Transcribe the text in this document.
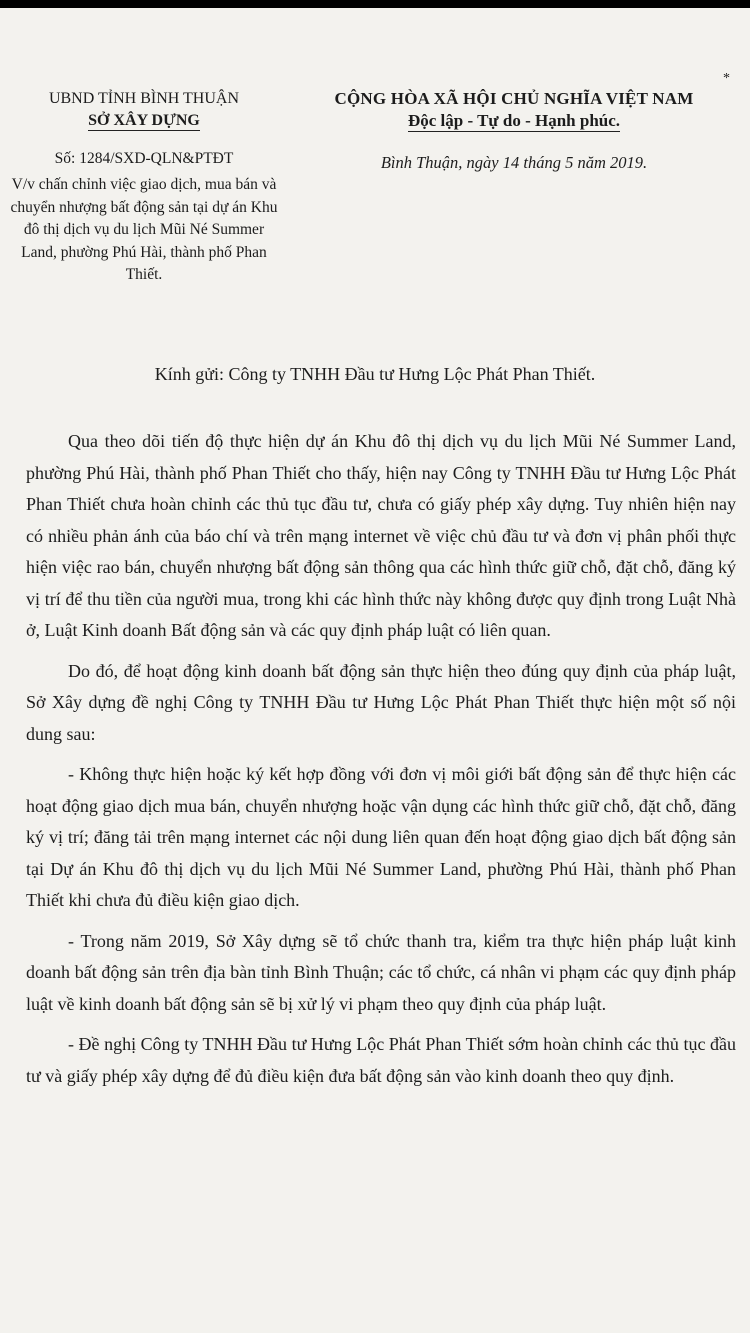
UBND TỈNH BÌNH THUẬN

SỞ XÂY DỰNG

Số: 1284/SXD-QLN&PTĐT

V/v chấn chỉnh việc giao dịch, mua bán và chuyển nhượng bất động sản tại dự án Khu đô thị dịch vụ du lịch Mũi Né Summer Land, phường Phú Hài, thành phố Phan Thiết.

CỘNG HÒA XÃ HỘI CHỦ NGHĨA VIỆT NAM

Độc lập - Tự do - Hạnh phúc.

Bình Thuận, ngày 14 tháng 5 năm 2019.

*
Kính gửi: Công ty TNHH Đầu tư Hưng Lộc Phát Phan Thiết.

Qua theo dõi tiến độ thực hiện dự án Khu đô thị dịch vụ du lịch Mũi Né Summer Land, phường Phú Hài, thành phố Phan Thiết cho thấy, hiện nay Công ty TNHH Đầu tư Hưng Lộc Phát Phan Thiết chưa hoàn chỉnh các thủ tục đầu tư, chưa có giấy phép xây dựng. Tuy nhiên hiện nay có nhiều phản ánh của báo chí và trên mạng internet về việc chủ đầu tư và đơn vị phân phối thực hiện việc rao bán, chuyển nhượng bất động sản thông qua các hình thức giữ chỗ, đặt chỗ, đăng ký vị trí để thu tiền của người mua, trong khi các hình thức này không được quy định trong Luật Nhà ở, Luật Kinh doanh Bất động sản và các quy định pháp luật có liên quan.

Do đó, để hoạt động kinh doanh bất động sản thực hiện theo đúng quy định của pháp luật, Sở Xây dựng đề nghị Công ty TNHH Đầu tư Hưng Lộc Phát Phan Thiết thực hiện một số nội dung sau:

- Không thực hiện hoặc ký kết hợp đồng với đơn vị môi giới bất động sản để thực hiện các hoạt động giao dịch mua bán, chuyển nhượng hoặc vận dụng các hình thức giữ chỗ, đặt chỗ, đăng ký vị trí; đăng tải trên mạng internet các nội dung liên quan đến hoạt động giao dịch bất động sản tại Dự án Khu đô thị dịch vụ du lịch Mũi Né Summer Land, phường Phú Hài, thành phố Phan Thiết khi chưa đủ điều kiện giao dịch.

- Trong năm 2019, Sở Xây dựng sẽ tổ chức thanh tra, kiểm tra thực hiện pháp luật kinh doanh bất động sản trên địa bàn tỉnh Bình Thuận; các tổ chức, cá nhân vi phạm các quy định pháp luật về kinh doanh bất động sản sẽ bị xử lý vi phạm theo quy định của pháp luật.

- Đề nghị Công ty TNHH Đầu tư Hưng Lộc Phát Phan Thiết sớm hoàn chỉnh các thủ tục đầu tư và giấy phép xây dựng để đủ điều kiện đưa bất động sản vào kinh doanh theo quy định.
